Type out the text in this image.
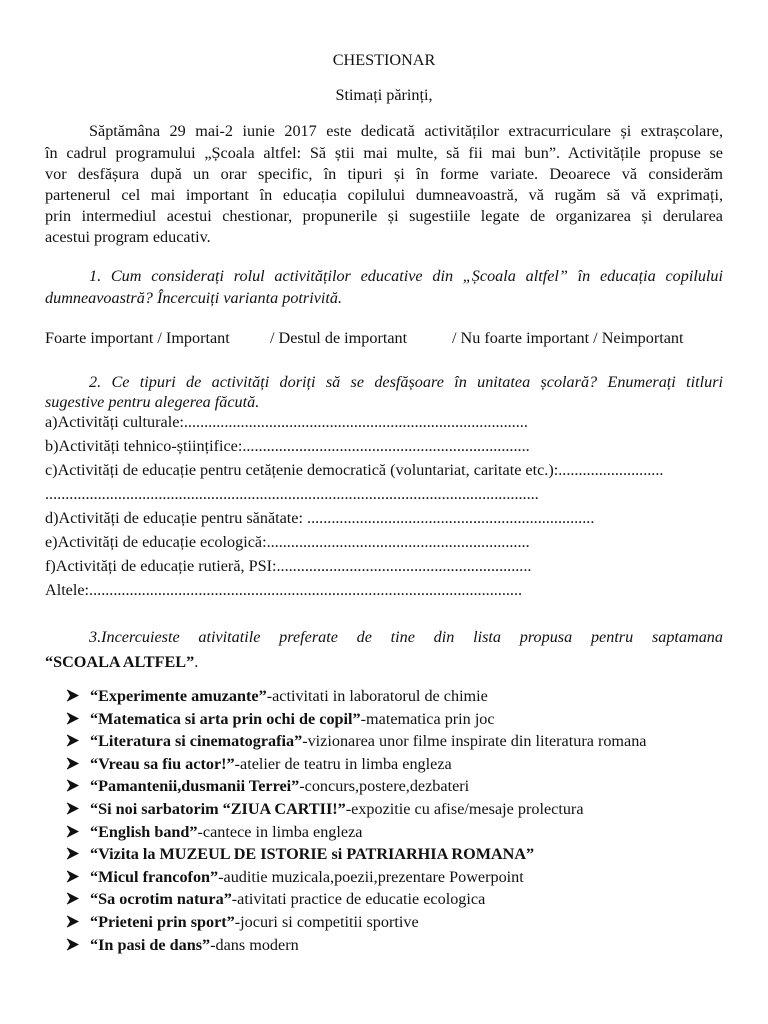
CHESTIONAR
Stimați părinți,
Săptămâna 29 mai-2 iunie 2017 este dedicată activităților extracurriculare și extrașcolare,
în cadrul programului „Școala altfel: Să știi mai multe, să fii mai bun”. Activitățile propuse se
vor desfășura după un orar specific, în tipuri și în forme variate. Deoarece vă considerăm
partenerul cel mai important în educația copilului dumneavoastră, vă rugăm să vă exprimați,
prin intermediul acestui chestionar, propunerile și sugestiile legate de organizarea și derularea
acestui program educativ.
1. Cum considerați rolul activităților educative din „Școala altfel” în educația copilului
dumneavoastră? Încercuiți varianta potrivită.
Foarte important / Important / Destul de important	/ Nu foarte important / Neimportant
2. Ce tipuri de activități doriți să se desfășoare în unitatea școlară? Enumerați titluri
sugestive pentru alegerea făcută.
a)Activități culturale:.....................................................................................
b)Activități tehnico-științifice:.......................................................................
c)Activități de educație pentru cetățenie democratică (voluntariat, caritate etc.):..........................
..........................................................................................................................
d)Activități de educație pentru sănătate: .......................................................................
e)Activități de educație ecologică:.................................................................
f)Activități de educație rutieră, PSI:...............................................................
Altele:...........................................................................................................
3.Incercuieste ativitatile preferate de tine din lista propusa pentru saptamana
“SCOALA ALTFEL”.
“Experimente amuzante”-activitati in laboratorul de chimie
“Matematica si arta prin ochi de copil”-matematica prin joc
“Literatura si cinematografia”-vizionarea unor filme inspirate din literatura romana
“Vreau sa fiu actor!”-atelier de teatru in limba engleza
“Pamantenii,dusmanii Terrei”-concurs,postere,dezbateri
“Si noi sarbatorim “ZIUA CARTII!”-expozitie cu afise/mesaje prolectura
“English band”-cantece in limba engleza
“Vizita la MUZEUL DE ISTORIE si PATRIARHIA ROMANA”
“Micul francofon”-auditie muzicala,poezii,prezentare Powerpoint
“Sa ocrotim natura”-ativitati practice de educatie ecologica
“Prieteni prin sport”-jocuri si competitii sportive
“In pasi de dans”-dans modern
